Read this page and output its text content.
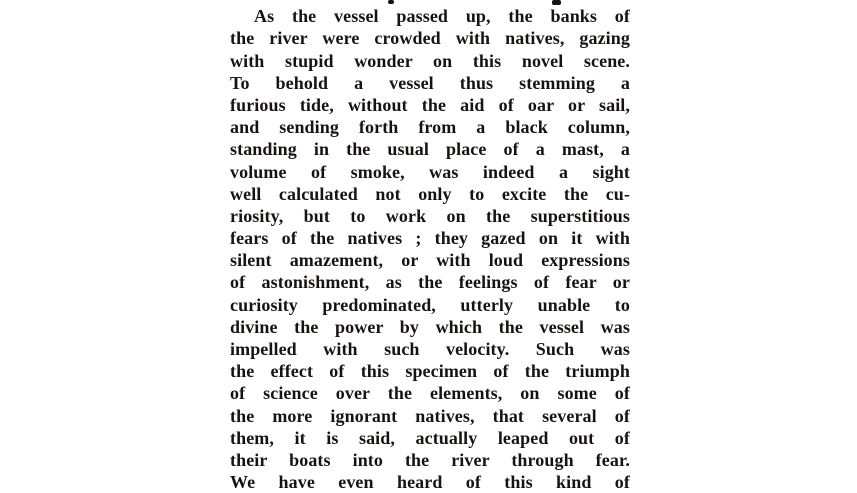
As the vessel passed up, the banks of
the river were crowded with natives, gazing
with stupid wonder on this novel scene.
To behold a vessel thus stemming a
furious tide, without the aid of oar or sail,
and sending forth from a black column,
standing in the usual place of a mast, a
volume of smoke, was indeed a sight
well calculated not only to excite the cu-
riosity, but to work on the superstitious
fears of the natives ; they gazed on it with
silent amazement, or with loud expressions
of astonishment, as the feelings of fear or
curiosity predominated, utterly unable to
divine the power by which the vessel was
impelled with such velocity. Such was
the effect of this specimen of the triumph
of science over the elements, on some of
the more ignorant natives, that several of
them, it is said, actually leaped out of
their boats into the river through fear.
We have even heard of this kind of
